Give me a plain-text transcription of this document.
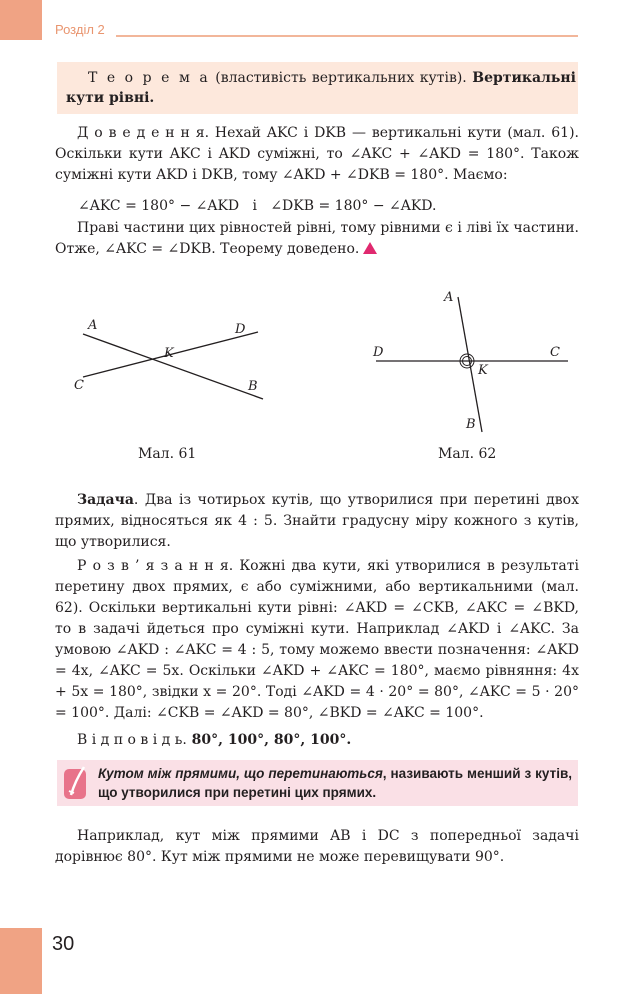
Розділ 2
Т е о р е м а (властивість вертикальних кутів). Вертикальні кути рівні.
Д о в е д е н н я. Нехай AKC і DKB — вертикальні кути (мал. 61). Оскільки кути AKC і AKD суміжні, то ∠AKC + ∠AKD = 180°. Також суміжні кути AKD і DKB, тому ∠AKD + ∠DKB = 180°. Маємо:
∠AKC = 180° − ∠AKD   і   ∠DKB = 180° − ∠AKD.
Праві частини цих рівностей рівні, тому рівними є і ліві їх частини. Отже, ∠AKC = ∠DKB. Теорему доведено.
A	D
K
C	B
Мал. 61
A
D	C
K
B
Мал. 62
Задача. Два із чотирьох кутів, що утворилися при перетині двох прямих, відносяться як 4 : 5. Знайти градусну міру кожного з кутів, що утворилися.
Р о з в ’ я з а н н я. Кожні два кути, які утворилися в результаті перетину двох прямих, є або суміжними, або вертикальними (мал. 62). Оскільки вертикальні кути рівні: ∠AKD = ∠CKB, ∠AKC = ∠BKD, то в задачі йдеться про суміжні кути. Наприклад ∠AKD і ∠AKC. За умовою ∠AKD : ∠AKC = 4 : 5, тому можемо ввести позначення: ∠AKD = 4x, ∠AKC = 5x. Оскільки ∠AKD + ∠AKC = 180°, маємо рівняння: 4x + 5x = 180°, звідки x = 20°. Тоді ∠AKD = 4 · 20° = 80°, ∠AKC = 5 · 20° = 100°. Далі: ∠CKB = ∠AKD = 80°, ∠BKD = ∠AKC = 100°.
В і д п о в і д ь. 80°, 100°, 80°, 100°.
Кутом між прямими, що перетинаються, називають менший з кутів, що утворилися при перетині цих прямих.
Наприклад, кут між прямими AB і DC з попередньої задачі дорівнює 80°. Кут між прямими не може перевищувати 90°.
30
